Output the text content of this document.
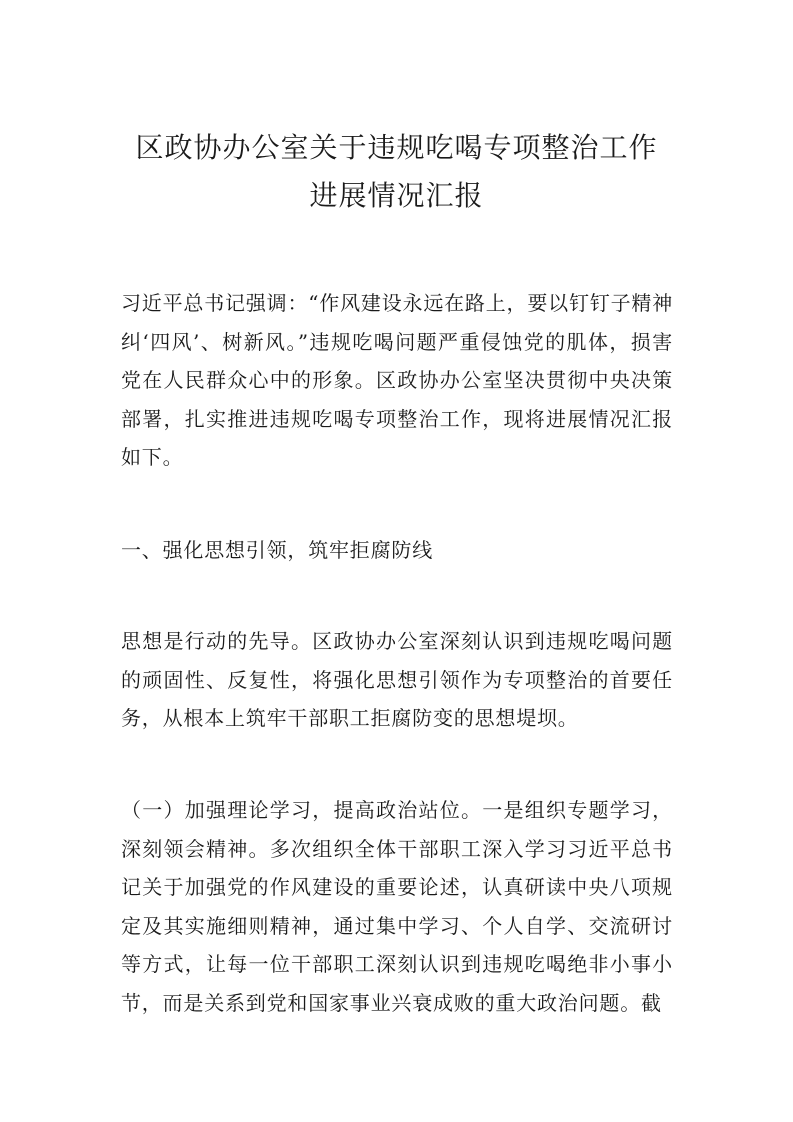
区政协办公室关于违规吃喝专项整治工作
进展情况汇报

习近平总书记强调：“作风建设永远在路上，要以钉钉子精神纠‘四风’、树新风。”违规吃喝问题严重侵蚀党的肌体，损害党在人民群众心中的形象。区政协办公室坚决贯彻中央决策部署，扎实推进违规吃喝专项整治工作，现将进展情况汇报如下。

一、强化思想引领，筑牢拒腐防线

思想是行动的先导。区政协办公室深刻认识到违规吃喝问题的顽固性、反复性，将强化思想引领作为专项整治的首要任务，从根本上筑牢干部职工拒腐防变的思想堤坝。

（一）加强理论学习，提高政治站位。一是组织专题学习，深刻领会精神。多次组织全体干部职工深入学习习近平总书记关于加强党的作风建设的重要论述，认真研读中央八项规定及其实施细则精神，通过集中学习、个人自学、交流研讨等方式，让每一位干部职工深刻认识到违规吃喝绝非小事小节，而是关系到党和国家事业兴衰成败的重大政治问题。截
